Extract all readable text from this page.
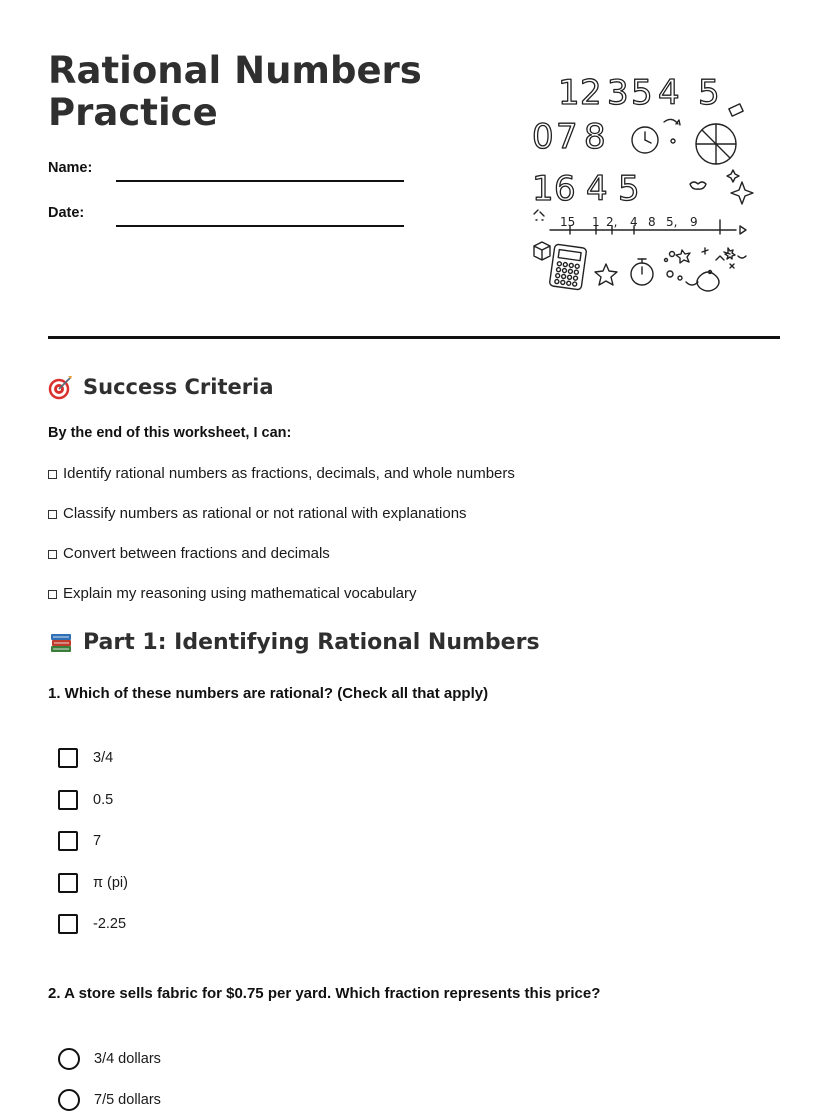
Rational Numbers Practice
Name:
Date:
1 2 3 5 4 5
0 7 8
1 6 4 5
15 1 2, 4 8 5, 9
Success Criteria
By the end of this worksheet, I can:
Identify rational numbers as fractions, decimals, and whole numbers
Classify numbers as rational or not rational with explanations
Convert between fractions and decimals
Explain my reasoning using mathematical vocabulary
Part 1: Identifying Rational Numbers
1. Which of these numbers are rational? (Check all that apply)
3/4
0.5
7
π (pi)
-2.25
2. A store sells fabric for $0.75 per yard. Which fraction represents this price?
3/4 dollars
7/5 dollars
